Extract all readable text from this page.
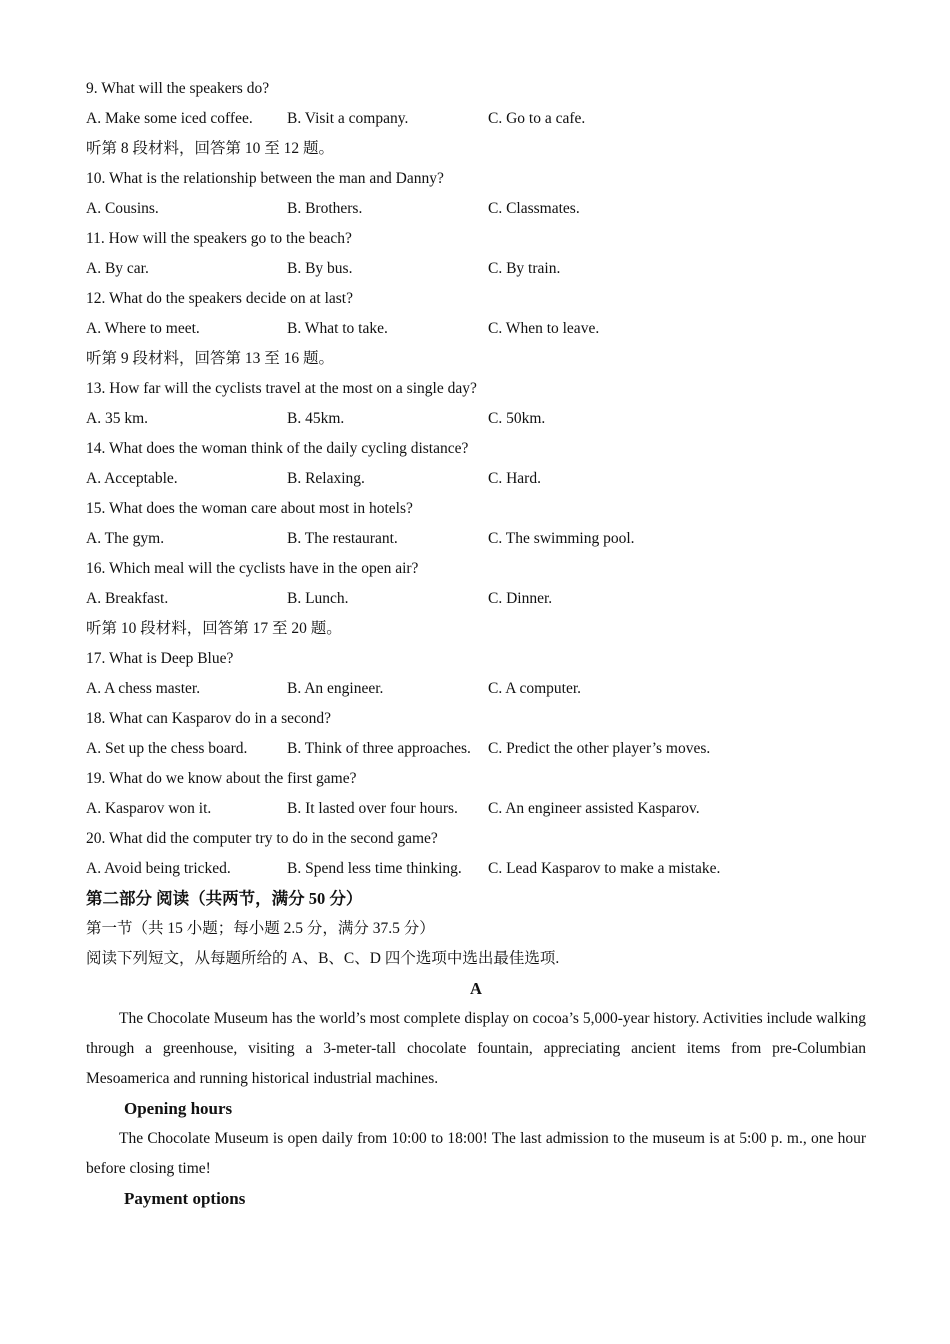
9. What will the speakers do?
A. Make some iced coffee. B. Visit a company.	C. Go to a cafe.
听第 8 段材料，回答第 10 至 12 题。
10. What is the relationship between the man and Danny?
A. Cousins.	B. Brothers.	C. Classmates.
11. How will the speakers go to the beach?
A. By car.	B. By bus.	C. By train.
12. What do the speakers decide on at last?
A. Where to meet.	B. What to take.	C. When to leave.
听第 9 段材料，回答第 13 至 16 题。
13. How far will the cyclists travel at the most on a single day?
A. 35 km.	B. 45km.	C. 50km.
14. What does the woman think of the daily cycling distance?
A. Acceptable.	B. Relaxing.	C. Hard.
15. What does the woman care about most in hotels?
A. The gym.	B. The restaurant.	C. The swimming pool.
16. Which meal will the cyclists have in the open air?
A. Breakfast.	B. Lunch.	C. Dinner.
听第 10 段材料，回答第 17 至 20 题。
17. What is Deep Blue?
A. A chess master.	B. An engineer.	C. A computer.
18. What can Kasparov do in a second?
A. Set up the chess board.	B. Think of three approaches. C. Predict the other player’s moves.
19. What do we know about the first game?
A. Kasparov won it.	B. It lasted over four hours. C. An engineer assisted Kasparov.
20. What did the computer try to do in the second game?
A. Avoid being tricked.	B. Spend less time thinking. C. Lead Kasparov to make a mistake.
第二部分 阅读（共两节，满分 50 分）
第一节（共 15 小题；每小题 2.5 分，满分 37.5 分）
阅读下列短文，从每题所给的 A、B、C、D 四个选项中选出最佳选项.
A
The Chocolate Museum has the world’s most complete display on cocoa’s 5,000-year history. Activities include walking through a greenhouse, visiting a 3-meter-tall chocolate fountain, appreciating ancient items from pre-Columbian Mesoamerica and running historical industrial machines.
Opening hours
The Chocolate Museum is open daily from 10:00 to 18:00! The last admission to the museum is at 5:00 p. m., one hour before closing time!
Payment options
